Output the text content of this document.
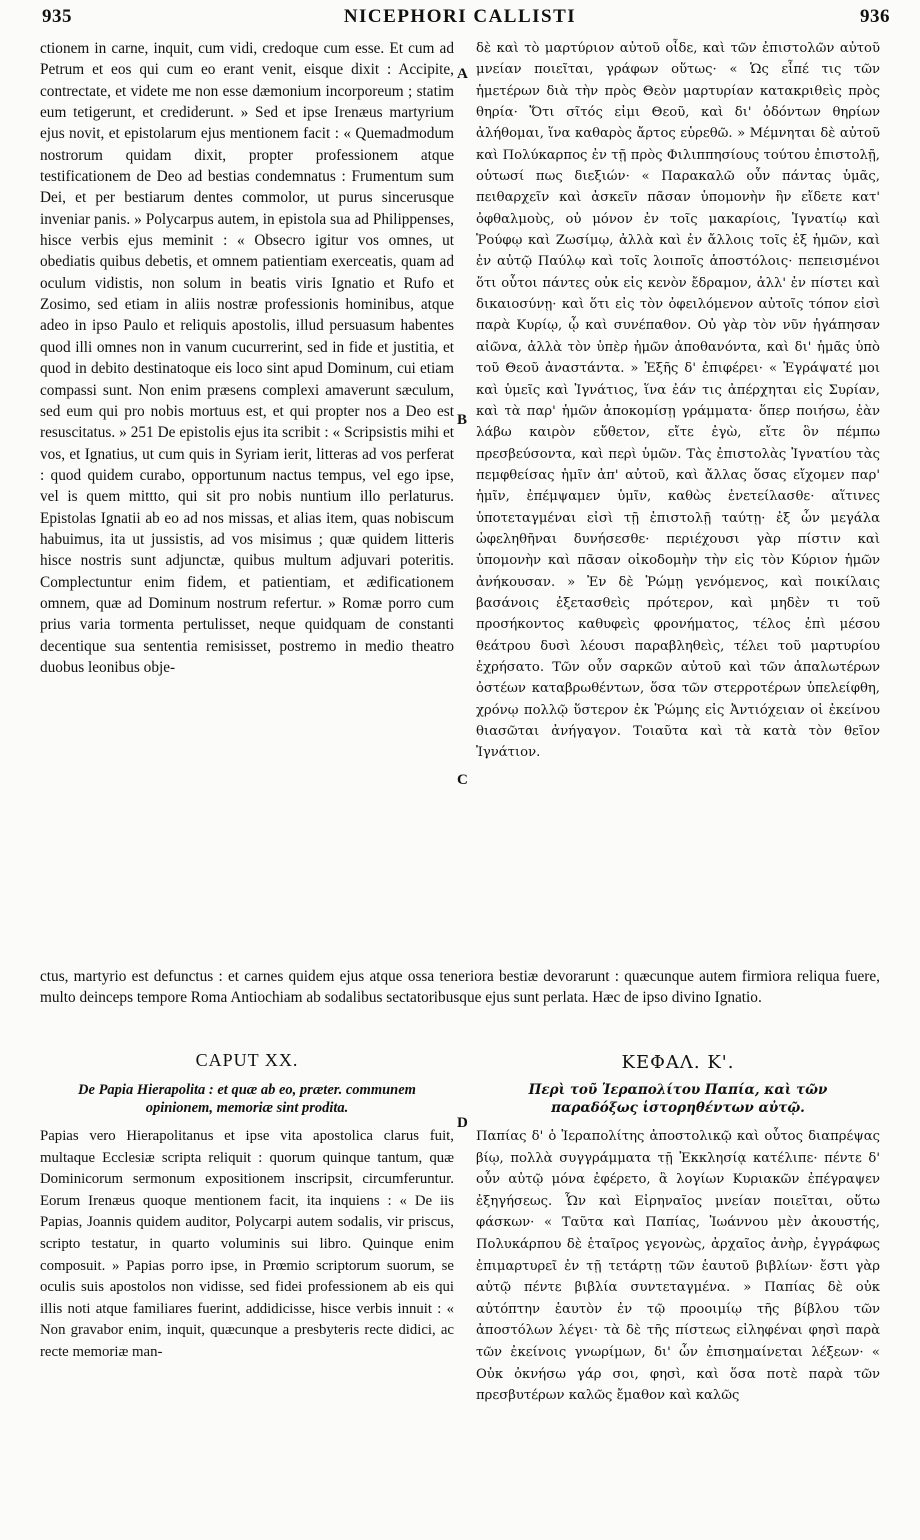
935	NICEPHORI CALLISTI	936

ctionem in carne, inquit, cum vidi, credoque cum esse. Et cum ad Petrum et eos qui cum eo erant venit, eisque dixit : Accipite, contrectate, et videte me non esse dæmonium incorporeum ; statim eum tetigerunt, et crediderunt. » Sed et ipse Irenæus martyrium ejus novit, et epistolarum ejus mentionem facit : « Quemadmodum nostrorum quidam dixit, propter professionem atque testificationem de Deo ad bestias condemnatus : Frumentum sum Dei, et per bestiarum dentes commolor, ut purus sincerusque inveniar panis. » Polycarpus autem, in epistola sua ad Philippenses, hisce verbis ejus meminit : « Obsecro igitur vos omnes, ut obediatis quibus debetis, et omnem patientiam exerceatis, quam ad oculum vidistis, non solum in beatis viris Ignatio et Rufo et Zosimo, sed etiam in aliis nostræ professionis hominibus, atque adeo in ipso Paulo et reliquis apostolis, illud persuasum habentes quod illi omnes non in vanum cucurrerint, sed in fide et justitia, et quod in debito destinatoque eis loco sint apud Dominum, cui etiam compassi sunt. Non enim præsens complexi amaverunt sæculum, sed eum qui pro nobis mortuus est, et qui propter nos a Deo est resuscitatus. » 251 De epistolis ejus ita scribit : « Scripsistis mihi et vos, et Ignatius, ut cum quis in Syriam ierit, litteras ad vos perferat : quod quidem curabo, opportunum nactus tempus, vel ego ipse, vel is quem mittto, qui sit pro nobis nuntium illo perlaturus. Epistolas Ignatii ab eo ad nos missas, et alias item, quas nobiscum habuimus, ita ut jussistis, ad vos misimus ; quæ quidem litteris hisce nostris sunt adjunctæ, quibus multum adjuvari poteritis. Complectuntur enim fidem, et patientiam, et ædificationem omnem, quæ ad Dominum nostrum refertur. » Romæ porro cum prius varia tormenta pertulisset, neque quidquam de constanti decentique sua sententia remisisset, postremo in medio theatro duobus leonibus obje-

δὲ καὶ τὸ μαρτύριον αὐτοῦ οἶδε, καὶ τῶν ἐπιστολῶν αὐτοῦ μνείαν ποιεῖται, γράφων οὕτως· « Ὡς εἶπέ τις τῶν ἡμετέρων διὰ τὴν πρὸς Θεὸν μαρτυρίαν κατακριθεὶς πρὸς θηρία· Ὅτι σῖτός εἰμι Θεοῦ, καὶ δι' ὀδόντων θηρίων ἀλήθομαι, ἵνα καθαρὸς ἄρτος εὑρεθῶ. » Μέμνηται δὲ αὐτοῦ καὶ Πολύκαρπος ἐν τῇ πρὸς Φιλιππησίους τούτου ἐπιστολῇ, οὑτωσί πως διεξιών· « Παρακαλῶ οὖν πάντας ὑμᾶς, πειθαρχεῖν καὶ ἀσκεῖν πᾶσαν ὑπομονὴν ἣν εἴδετε κατ' ὀφθαλμοὺς, οὐ μόνον ἐν τοῖς μακαρίοις, Ἰγνατίῳ καὶ Ῥούφῳ καὶ Ζωσίμῳ, ἀλλὰ καὶ ἐν ἄλλοις τοῖς ἐξ ἡμῶν, καὶ ἐν αὐτῷ Παύλῳ καὶ τοῖς λοιποῖς ἀποστόλοις· πεπεισμένοι ὅτι οὗτοι πάντες οὐκ εἰς κενὸν ἔδραμον, ἀλλ' ἐν πίστει καὶ δικαιοσύνῃ· καὶ ὅτι εἰς τὸν ὀφειλόμενον αὐτοῖς τόπον εἰσὶ παρὰ Κυρίῳ, ᾧ καὶ συνέπαθον. Οὐ γὰρ τὸν νῦν ἠγάπησαν αἰῶνα, ἀλλὰ τὸν ὑπὲρ ἡμῶν ἀποθανόντα, καὶ δι' ἡμᾶς ὑπὸ τοῦ Θεοῦ ἀναστάντα. » Ἐξῆς δ' ἐπιφέρει· « Ἐγράψατέ μοι καὶ ὑμεῖς καὶ Ἰγνάτιος, ἵνα ἐάν τις ἀπέρχηται εἰς Συρίαν, καὶ τὰ παρ' ἡμῶν ἀποκομίσῃ γράμματα· ὅπερ ποιήσω, ἐὰν λάβω καιρὸν εὔθετον, εἴτε ἐγὼ, εἴτε ὃν πέμπω πρεσβεύσοντα, καὶ περὶ ὑμῶν. Τὰς ἐπιστολὰς Ἰγνατίου τὰς πεμφθείσας ἡμῖν ἀπ' αὐτοῦ, καὶ ἄλλας ὅσας εἴχομεν παρ' ἡμῖν, ἐπέμψαμεν ὑμῖν, καθὼς ἐνετείλασθε· αἵτινες ὑποτεταγμέναι εἰσὶ τῇ ἐπιστολῇ ταύτῃ· ἐξ ὧν μεγάλα ὠφεληθῆναι δυνήσεσθε· περιέχουσι γὰρ πίστιν καὶ ὑπομονὴν καὶ πᾶσαν οἰκοδομὴν τὴν εἰς τὸν Κύριον ἡμῶν ἀνήκουσαν. » Ἐν δὲ Ῥώμῃ γενόμενος, καὶ ποικίλαις βασάνοις ἐξετασθεὶς πρότερον, καὶ μηδὲν τι τοῦ προσήκοντος καθυφεὶς φρονήματος, τέλος ἐπὶ μέσου θεάτρου δυσὶ λέουσι παραβληθεὶς, τέλει τοῦ μαρτυρίου ἐχρήσατο. Τῶν οὖν σαρκῶν αὐτοῦ καὶ τῶν ἁπαλωτέρων ὀστέων καταβρωθέντων, ὅσα τῶν στερροτέρων ὑπελείφθη, χρόνῳ πολλῷ ὕστερον ἐκ Ῥώμης εἰς Ἀντιόχειαν οἱ ἐκείνου θιασῶται ἀνήγαγον. Τοιαῦτα καὶ τὰ κατὰ τὸν θεῖον Ἰγνάτιον.

A
B
C
D

ctus, martyrio est defunctus : et carnes quidem ejus atque ossa teneriora bestiæ devorarunt : quæcunque autem firmiora reliqua fuere, multo deinceps tempore Roma Antiochiam ab sodalibus sectatoribusque ejus sunt perlata. Hæc de ipso divino Ignatio.

CAPUT XX.	ΚΕΦΑΛ. Κ'.
De Papia Hierapolita : et quæ ab eo, præter. communem opinionem, memoriæ sint prodita.
Περὶ τοῦ Ἱεραπολίτου Παπία, καὶ τῶν παραδόξως ἱστορηθέντων αὐτῷ.

Papias vero Hierapolitanus et ipse vita apostolica clarus fuit, multaque Ecclesiæ scripta reliquit : quorum quinque tantum, quæ Dominicorum sermonum expositionem inscripsit, circumferuntur. Eorum Irenæus quoque mentionem facit, ita inquiens : « De iis Papias, Joannis quidem auditor, Polycarpi autem sodalis, vir priscus, scripto testatur, in quarto voluminis sui libro. Quinque enim composuit. » Papias porro ipse, in Prœmio scriptorum suorum, se oculis suis apostolos non vidisse, sed fidei professionem ab eis qui illis noti atque familiares fuerint, addidicisse, hisce verbis innuit : « Non gravabor enim, inquit, quæcunque a presbyteris recte didici, ac recte memoriæ man-

Παπίας δ' ὁ Ἱεραπολίτης ἀποστολικῷ καὶ οὗτος διαπρέψας βίῳ, πολλὰ συγγράμματα τῇ Ἐκκλησίᾳ κατέλιπε· πέντε δ' οὖν αὐτῷ μόνα ἐφέρετο, ἃ λογίων Κυριακῶν ἐπέγραψεν ἐξηγήσεως. Ὧν καὶ Εἰρηναῖος μνείαν ποιεῖται, οὕτω φάσκων· « Ταῦτα καὶ Παπίας, Ἰωάννου μὲν ἀκουστής, Πολυκάρπου δὲ ἑταῖρος γεγονὼς, ἀρχαῖος ἀνὴρ, ἐγγράφως ἐπιμαρτυρεῖ ἐν τῇ τετάρτῃ τῶν ἑαυτοῦ βιβλίων· ἔστι γὰρ αὐτῷ πέντε βιβλία συντεταγμένα. » Παπίας δὲ οὐκ αὐτόπτην ἑαυτὸν ἐν τῷ προοιμίῳ τῆς βίβλου τῶν ἀποστόλων λέγει· τὰ δὲ τῆς πίστεως εἰληφέναι φησὶ παρὰ τῶν ἐκείνοις γνωρίμων, δι' ὧν ἐπισημαίνεται λέξεων· « Οὐκ ὀκνήσω γάρ σοι, φησὶ, καὶ ὅσα ποτὲ παρὰ τῶν πρεσβυτέρων καλῶς ἔμαθον καὶ καλῶς
